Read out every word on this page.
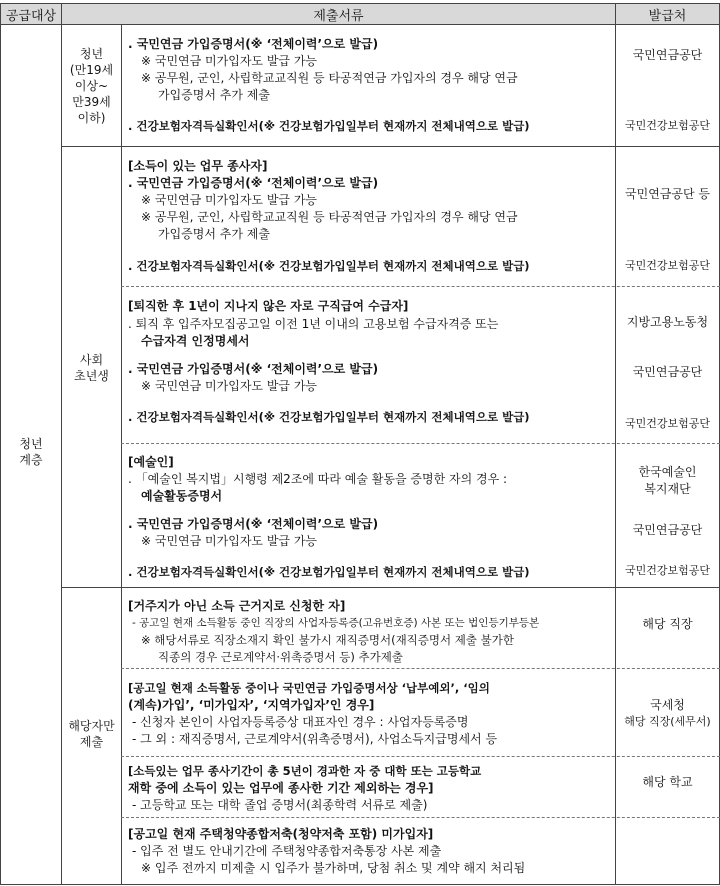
공급대상	제출서류	발급처
청년
계층
청년
(만19세
이상~
만39세
이하)
사회
초년생
해당자만
제출
. 국민연금 가입증명서(※ ‘전체이력’으로 발급)
※ 국민연금 미가입자도 발급 가능
※ 공무원, 군인, 사립학교교직원 등 타공적연금 가입자의 경우 해당 연금
가입증명서 추가 제출
. 건강보험자격득실확인서(※ 건강보험가입일부터 현재까지 전체내역으로 발급)
국민연금공단
국민건강보험공단
[소득이 있는 업무 종사자]
. 국민연금 가입증명서(※ ‘전체이력’으로 발급)
※ 국민연금 미가입자도 발급 가능
※ 공무원, 군인, 사립학교교직원 등 타공적연금 가입자의 경우 해당 연금
가입증명서 추가 제출
. 건강보험자격득실확인서(※ 건강보험가입일부터 현재까지 전체내역으로 발급)
국민연금공단 등
국민건강보험공단
[퇴직한 후 1년이 지나지 않은 자로 구직급여 수급자]
. 퇴직 후 입주자모집공고일 이전 1년 이내의 고용보험 수급자격증 또는
수급자격 인정명세서
. 국민연금 가입증명서(※ ‘전체이력’으로 발급)
※ 국민연금 미가입자도 발급 가능
. 건강보험자격득실확인서(※ 건강보험가입일부터 현재까지 전체내역으로 발급)
지방고용노동청
국민연금공단
국민건강보험공단
[예술인]
. 「예술인 복지법」시행령 제2조에 따라 예술 활동을 증명한 자의 경우 :
예술활동증명서
. 국민연금 가입증명서(※ ‘전체이력’으로 발급)
※ 국민연금 미가입자도 발급 가능
. 건강보험자격득실확인서(※ 건강보험가입일부터 현재까지 전체내역으로 발급)
한국예술인
복지재단
국민연금공단
국민건강보험공단
[거주지가 아닌 소득 근거지로 신청한 자]
- 공고일 현재 소득활동 중인 직장의 사업자등록증(고유번호증) 사본 또는 법인등기부등본
※ 해당서류로 직장소재지 확인 불가시 재직증명서(재직증명서 제출 불가한
직종의 경우 근로계약서·위촉증명서 등) 추가제출
해당 직장
[공고일 현재 소득활동 중이나 국민연금 가입증명서상 ‘납부예외’, ‘임의
(계속)가입’, ‘미가입자’, ‘지역가입자’인 경우]
- 신청자 본인이 사업자등록증상 대표자인 경우 : 사업자등록증명
- 그 외 : 재직증명서, 근로계약서(위촉증명서), 사업소득지급명세서 등
국세청
해당 직장(세무서)
[소득있는 업무 종사기간이 총 5년이 경과한 자 중 대학 또는 고등학교
재학 중에 소득이 있는 업무에 종사한 기간 제외하는 경우]
- 고등학교 또는 대학 졸업 증명서(최종학력 서류로 제출)
해당 학교
[공고일 현재 주택청약종합저축(청약저축 포함) 미가입자]
- 입주 전 별도 안내기간에 주택청약종합저축통장 사본 제출
※ 입주 전까지 미제출 시 입주가 불가하며, 당첨 취소 및 계약 해지 처리됨
